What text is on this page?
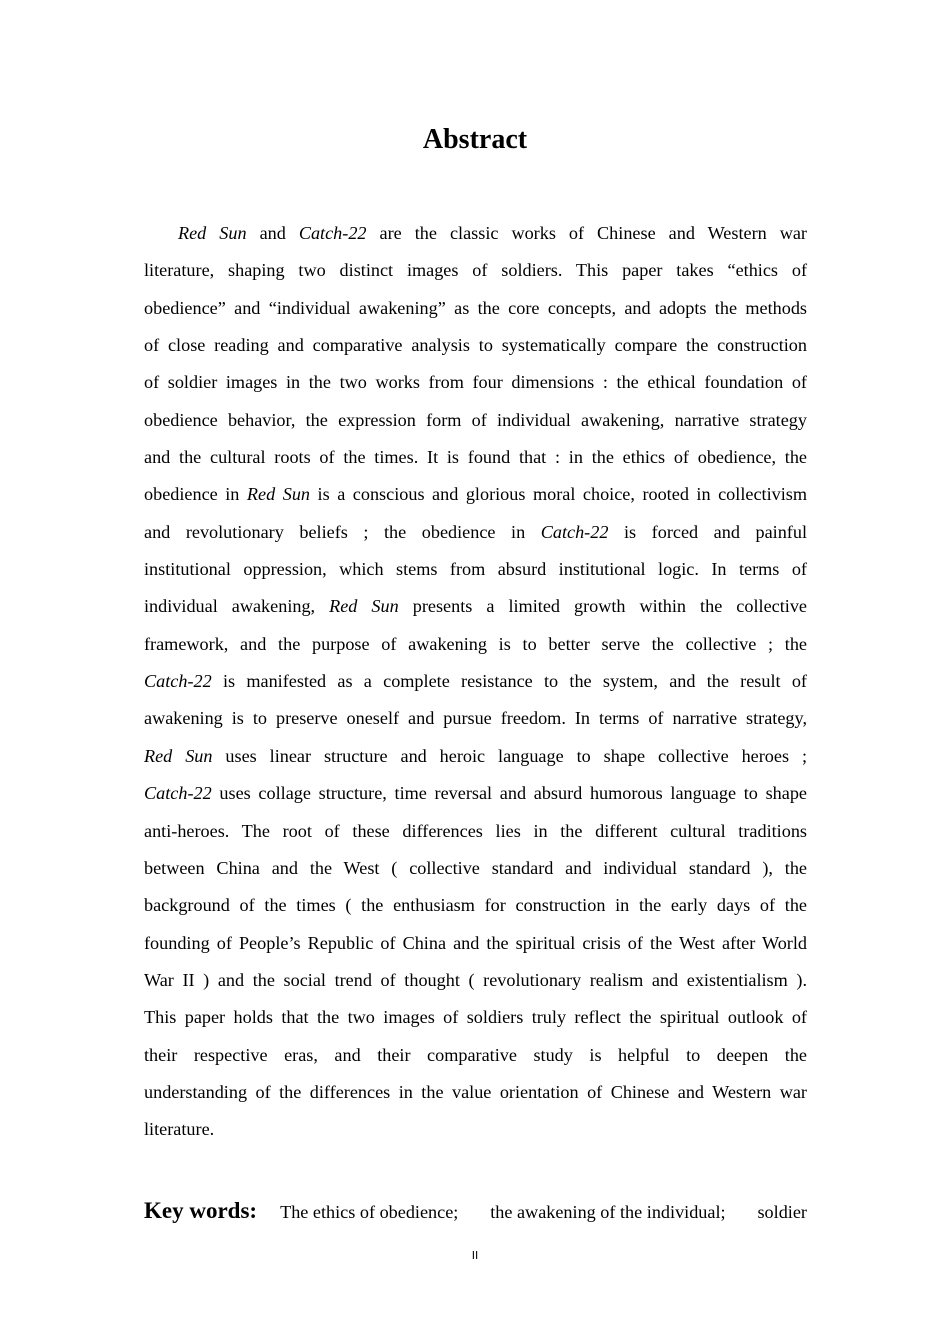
Abstract
Red Sun and Catch-22 are the classic works of Chinese and Western war
literature, shaping two distinct images of soldiers. This paper takes “ethics of
obedience” and “individual awakening” as the core concepts, and adopts the methods
of close reading and comparative analysis to systematically compare the construction
of soldier images in the two works from four dimensions : the ethical foundation of
obedience behavior, the expression form of individual awakening, narrative strategy
and the cultural roots of the times. It is found that : in the ethics of obedience, the
obedience in Red Sun is a conscious and glorious moral choice, rooted in collectivism
and revolutionary beliefs ; the obedience in Catch-22 is forced and painful
institutional oppression, which stems from absurd institutional logic. In terms of
individual awakening, Red Sun presents a limited growth within the collective
framework, and the purpose of awakening is to better serve the collective ; the
Catch-22 is manifested as a complete resistance to the system, and the result of
awakening is to preserve oneself and pursue freedom. In terms of narrative strategy,
Red Sun uses linear structure and heroic language to shape collective heroes ;
Catch-22 uses collage structure, time reversal and absurd humorous language to shape
anti-heroes. The root of these differences lies in the different cultural traditions
between China and the West ( collective standard and individual standard ), the
background of the times ( the enthusiasm for construction in the early days of the
founding of People’s Republic of China and the spiritual crisis of the West after World
War II ) and the social trend of thought ( revolutionary realism and existentialism ).
This paper holds that the two images of soldiers truly reflect the spiritual outlook of
their respective eras, and their comparative study is helpful to deepen the
understanding of the differences in the value orientation of Chinese and Western war
literature.
Key words: The ethics of obedience; the awakening of the individual; soldier
II
